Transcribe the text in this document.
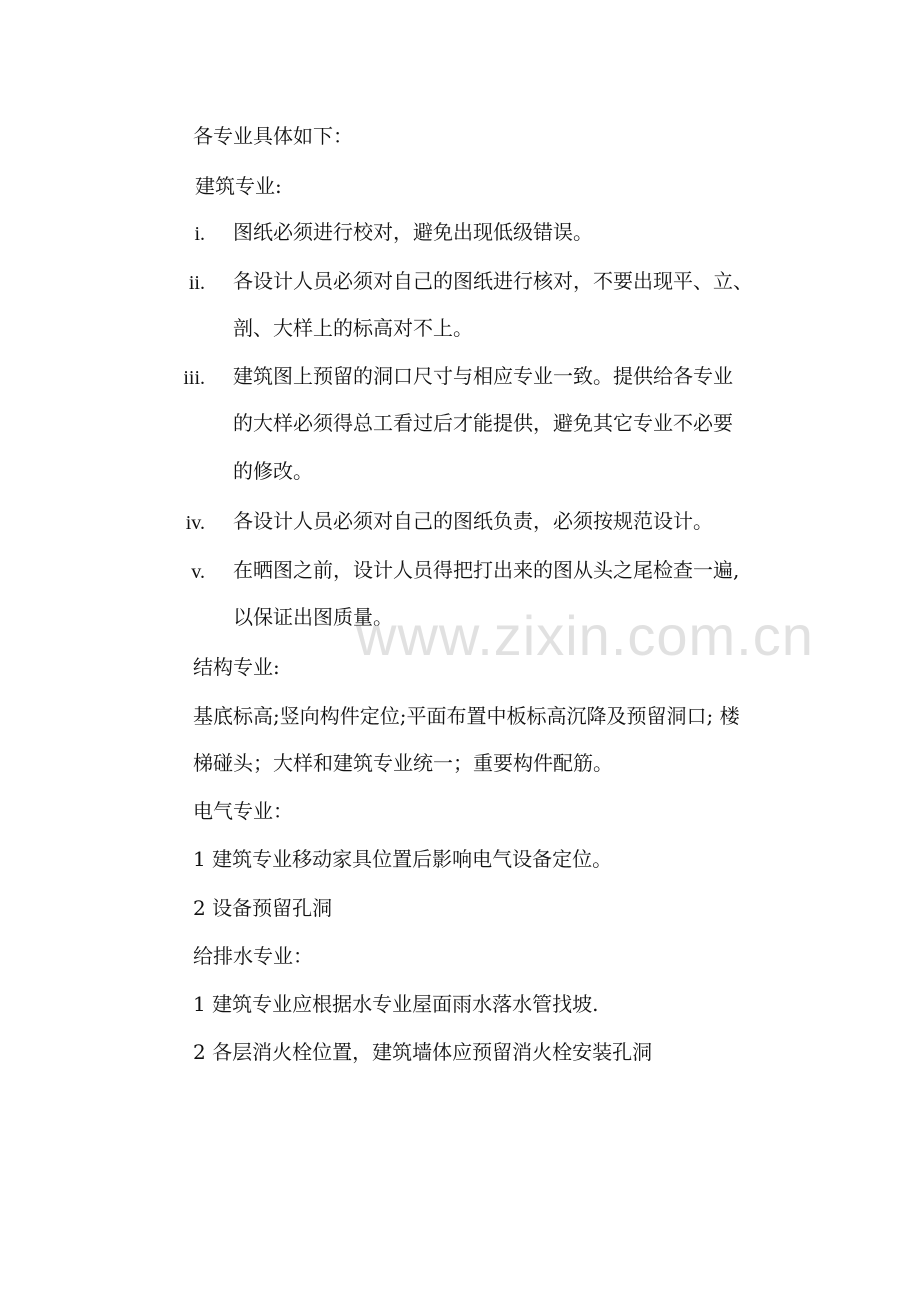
各专业具体如下：
建筑专业:
i. 图纸必须进行校对，避免出现低级错误。
ii. 各设计人员必须对自己的图纸进行核对，不要出现平、立、
剖、大样上的标高对不上。
iii. 建筑图上预留的洞口尺寸与相应专业一致。提供给各专业
的大样必须得总工看过后才能提供，避免其它专业不必要
的修改。
iv. 各设计人员必须对自己的图纸负责，必须按规范设计。
v. 在晒图之前，设计人员得把打出来的图从头之尾检查一遍,
以保证出图质量。
www.zixin.com.cn
结构专业:
基底标高;竖向构件定位;平面布置中板标高沉降及预留洞口; 楼
梯碰头；大样和建筑专业统一；重要构件配筋。
电气专业：
1 建筑专业移动家具位置后影响电气设备定位。
2 设备预留孔洞
给排水专业：
1 建筑专业应根据水专业屋面雨水落水管找坡.
2 各层消火栓位置，建筑墙体应预留消火栓安装孔洞
